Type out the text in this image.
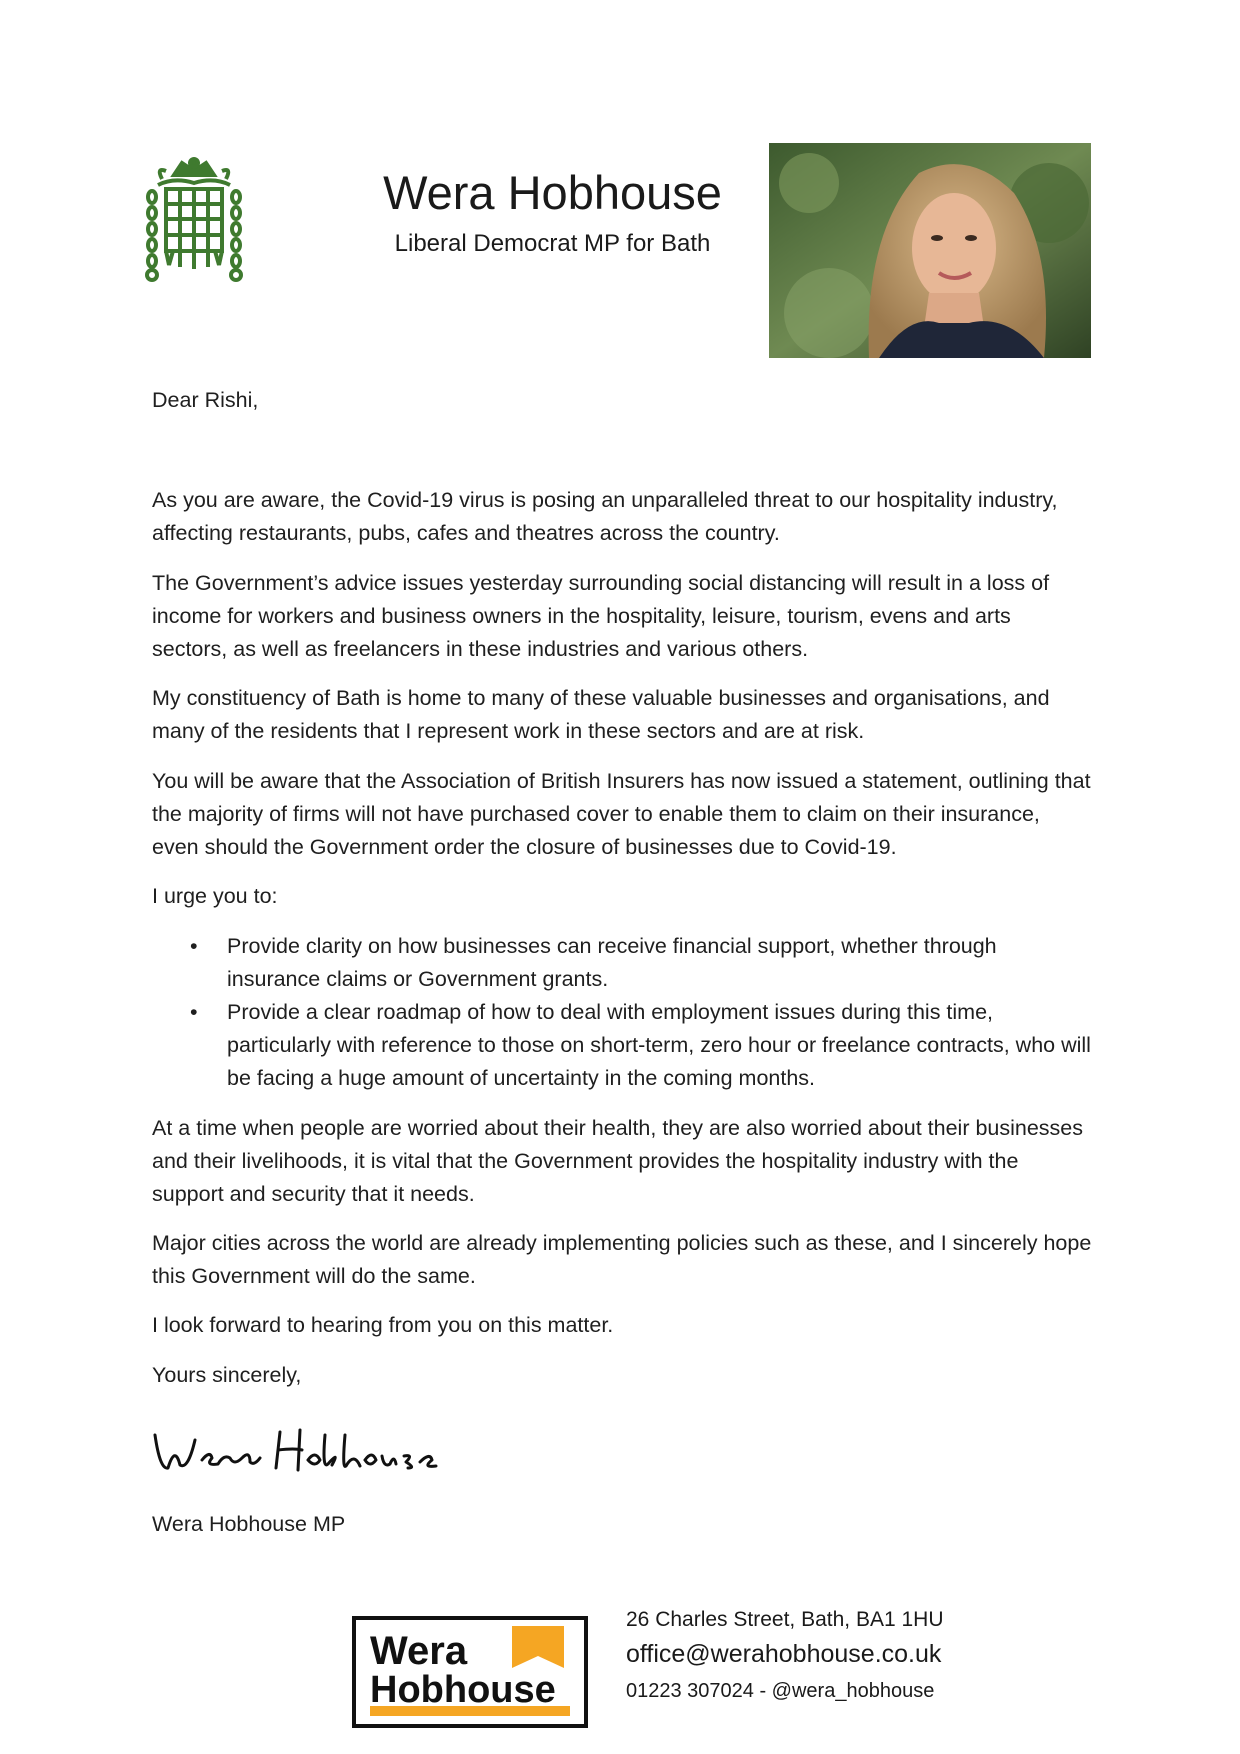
Wera Hobhouse
Liberal Democrat MP for Bath
Dear Rishi,
As you are aware, the Covid-19 virus is posing an unparalleled threat to our hospitality industry, affecting restaurants, pubs, cafes and theatres across the country.
The Government’s advice issues yesterday surrounding social distancing will result in a loss of income for workers and business owners in the hospitality, leisure, tourism, evens and arts sectors, as well as freelancers in these industries and various others.
My constituency of Bath is home to many of these valuable businesses and organisations, and many of the residents that I represent work in these sectors and are at risk.
You will be aware that the Association of British Insurers has now issued a statement, outlining that the majority of firms will not have purchased cover to enable them to claim on their insurance, even should the Government order the closure of businesses due to Covid-19.
I urge you to:
• Provide clarity on how businesses can receive financial support, whether through insurance claims or Government grants.
• Provide a clear roadmap of how to deal with employment issues during this time, particularly with reference to those on short-term, zero hour or freelance contracts, who will be facing a huge amount of uncertainty in the coming months.
At a time when people are worried about their health, they are also worried about their businesses and their livelihoods, it is vital that the Government provides the hospitality industry with the support and security that it needs.
Major cities across the world are already implementing policies such as these, and I sincerely hope this Government will do the same.
I look forward to hearing from you on this matter.
Yours sincerely,
Wera Hobhouse MP
Wera
Hobhouse
26 Charles Street, Bath, BA1 1HU
office@werahobhouse.co.uk
01223 307024 - @wera_hobhouse
